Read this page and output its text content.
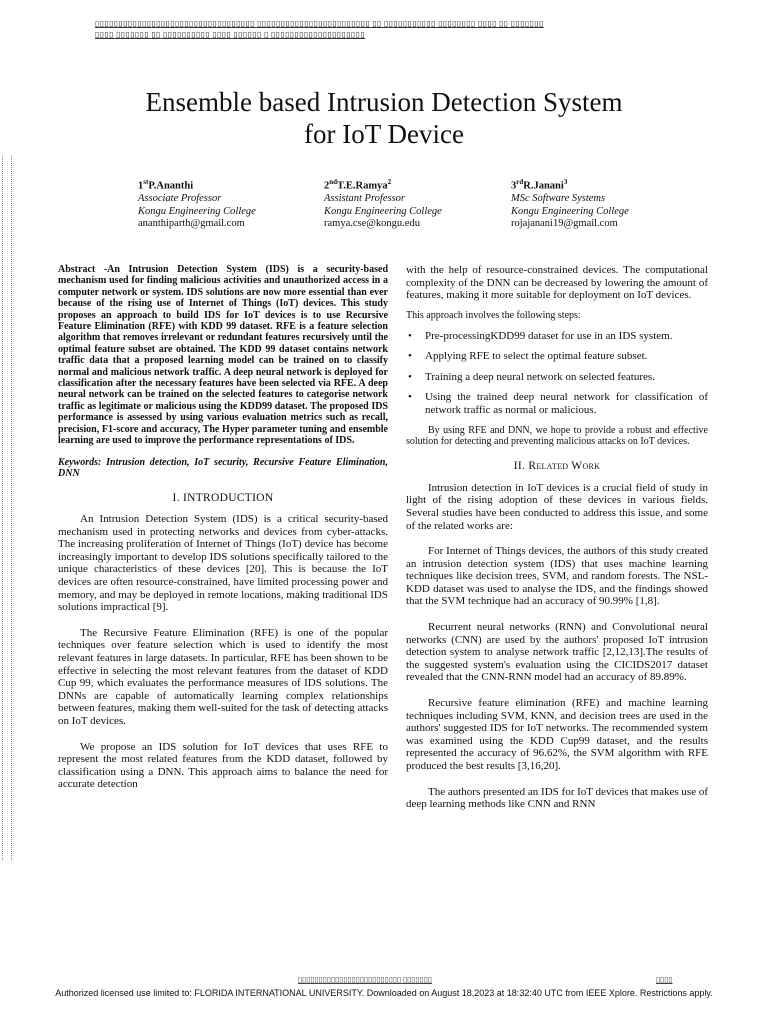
▯▯▯▯▯▯▯▯▯▯▯▯▯▯▯▯▯▯▯▯▯▯▯▯▯▯▯▯▯▯▯▯▯▯ ▯▯▯▯▯▯▯▯▯▯▯▯▯▯▯▯▯▯▯▯▯▯▯▯ ▯▯ ▯▯▯▯▯▯▯▯▯▯▯ ▯▯▯▯▯▯▯▯ ▯▯▯▯ ▯▯ ▯▯▯▯▯▯▯
▯▯▯▯ ▯▯▯▯▯▯▯ ▯▯ ▯▯▯▯▯▯▯▯▯▯ ▯▯▯▯ ▯▯▯▯▯▯ ▯ ▯▯▯▯▯▯▯▯▯▯▯▯▯▯▯▯▯▯▯▯
Ensemble based Intrusion Detection System
for IoT Device
1stP.Ananthi
Associate Professor
Kongu Engineering College
ananthiparth@gmail.com
2ndT.E.Ramya$^2$
Assistant Professor
Kongu Engineering College
ramya.cse@kongu.edu
3rdR.Janani$^3$
MSc Software Systems
Kongu Engineering College
rojajanani19@gmail.com

Abstract -An Intrusion Detection System (IDS) is a security-based mechanism used for finding malicious activities and unauthorized access in a computer network or system. IDS solutions are now more essential than ever because of the rising use of Internet of Things (IoT) devices. This study proposes an approach to build IDS for IoT devices is to use Recursive Feature Elimination (RFE) with KDD 99 dataset. RFE is a feature selection algorithm that removes irrelevant or redundant features recursively until the optimal feature subset are obtained. The KDD 99 dataset contains network traffic data that a proposed learning model can be trained on to classify normal and malicious network traffic. A deep neural network is deployed for classification after the necessary features have been selected via RFE. A deep neural network can be trained on the selected features to categorise network traffic as legitimate or malicious using the KDD99 dataset. The proposed IDS performance is assessed by using various evaluation metrics such as recall, precision, F1-score and accuracy, The Hyper parameter tuning and ensemble learning are used to improve the performance representations of IDS.

Keywords: Intrusion detection, IoT security, Recursive Feature Elimination, DNN

I. INTRODUCTION

An Intrusion Detection System (IDS) is a critical security-based mechanism used in protecting networks and devices from cyber-attacks. The increasing proliferation of Internet of Things (IoT) device has become increasingly important to develop IDS solutions specifically tailored to the unique characteristics of these devices [20]. This is because the IoT devices are often resource-constrained, have limited processing power and memory, and may be deployed in remote locations, making traditional IDS solutions impractical [9].

The Recursive Feature Elimination (RFE) is one of the popular techniques over feature selection which is used to identify the most relevant features in large datasets. In particular, RFE has been shown to be effective in selecting the most relevant features from the dataset of KDD Cup 99, which evaluates the performance measures of IDS solutions. The DNNs are capable of automatically learning complex relationships between features, making them well-suited for the task of detecting attacks on IoT devices.

We propose an IDS solution for IoT devices that uses RFE to represent the most related features from the KDD dataset, followed by classification using a DNN. This approach aims to balance the need for accurate detection

with the help of resource-constrained devices. The computational complexity of the DNN can be decreased by lowering the amount of features, making it more suitable for deployment on IoT devices.

This approach involves the following steps:

• Pre-processingKDD99 dataset for use in an IDS system.
• Applying RFE to select the optimal feature subset.
• Training a deep neural network on selected features.
• Using the trained deep neural network for classification of network traffic as normal or malicious.

By using RFE and DNN, we hope to provide a robust and effective solution for detecting and preventing malicious attacks on IoT devices.

II. Related Work

Intrusion detection in IoT devices is a crucial field of study in light of the rising adoption of these devices in various fields. Several studies have been conducted to address this issue, and some of the related works are:

For Internet of Things devices, the authors of this study created an intrusion detection system (IDS) that uses machine learning techniques like decision trees, SVM, and random forests. The NSL-KDD dataset was used to analyse the IDS, and the findings showed that the SVM technique had an accuracy of 90.99% [1,8].

Recurrent neural networks (RNN) and Convolutional neural networks (CNN) are used by the authors' proposed IoT intrusion detection system to analyse network traffic [2,12,13].The results of the suggested system's evaluation using the CICIDS2017 dataset revealed that the CNN-RNN model had an accuracy of 89.89%.

Recursive feature elimination (RFE) and machine learning techniques including SVM, KNN, and decision trees are used in the authors' suggested IDS for IoT networks. The recommended system was examined using the KDD Cup99 dataset, and the results represented the accuracy of 96.62%, the SVM algorithm with RFE produced the best results [3,16,20].

The authors presented an IDS for IoT devices that makes use of deep learning methods like CNN and RNN

▯▯▯▯▯▯▯▯▯▯▯▯▯▯▯▯▯▯▯▯▯▯▯▯▯ ▯▯▯▯▯▯▯	▯▯▯▯
Authorized licensed use limited to: FLORIDA INTERNATIONAL UNIVERSITY. Downloaded on August 18,2023 at 18:32:40 UTC from IEEE Xplore. Restrictions apply.
